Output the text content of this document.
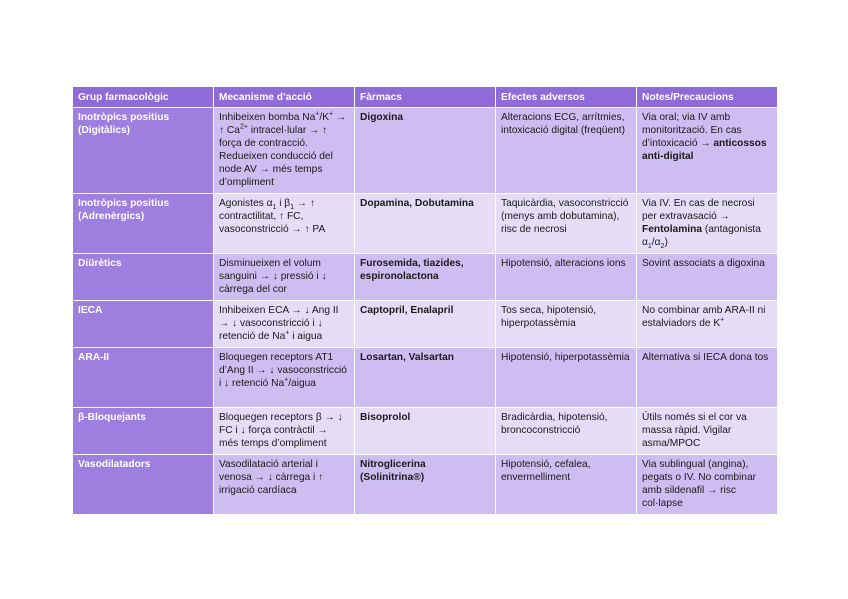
Grup farmacològic	Mecanisme d’acció	Fàrmacs	Efectes adversos	Notes/Precaucions
Inotròpics positius
(Digitàlics)	Inhibeixen bomba Na+/K+ → ↑ $Ca^{2+}$ intracel·lular → ↑ força de contracció. Redueixen conducció del node AV → més temps d’ompliment	Digoxina	Alteracions ECG, arrítmies, intoxicació digital (freqüent)	Via oral; via IV amb monitorització. En cas d’intoxicació → anticossos anti-digital
Inotròpics positius
(Adrenèrgics)	Agonistes $\alpha_1$ i $\beta_1$ → ↑ contractilitat, ↑ FC, vasoconstricció → ↑ PA	Dopamina, Dobutamina	Taquicàrdia, vasoconstricció (menys amb dobutamina), risc de necrosi	Via IV. En cas de necrosi per extravasació → Fentolamina (antagonista $\alpha_1/\alpha_2$)
Diürètics	Disminueixen el volum sanguini → ↓ pressió i ↓ càrrega del cor	Furosemida, tiazides, espironolactona	Hipotensió, alteracions ions	Sovint associats a digoxina
IECA	Inhibeixen ECA → ↓ Ang II → ↓ vasoconstricció i ↓ retenció de Na+ i aigua	Captopril, Enalapril	Tos seca, hipotensió, hiperpotassèmia	No combinar amb ARA-II ni estalviadors de K+
ARA-II	Bloquegen receptors AT1 d’Ang II → ↓ vasoconstricció i ↓ retenció Na+/aigua	Losartan, Valsartan	Hipotensió, hiperpotassèmia	Alternativa si IECA dona tos
β-Bloquejants	Bloquegen receptors β → ↓ FC i ↓ força contràctil → més temps d’ompliment	Bisoprolol	Bradicàrdia, hipotensió, broncoconstricció	Útils només si el cor va massa ràpid. Vigilar asma/MPOC
Vasodilatadors	Vasodilatació arterial i venosa → ↓ càrrega i ↑ irrigació cardíaca	Nitroglicerina
(Solinitrina®)	Hipotensió, cefalea, envermelliment	Via sublingual (angina), pegats o IV. No combinar amb sildenafil → risc col·lapse
